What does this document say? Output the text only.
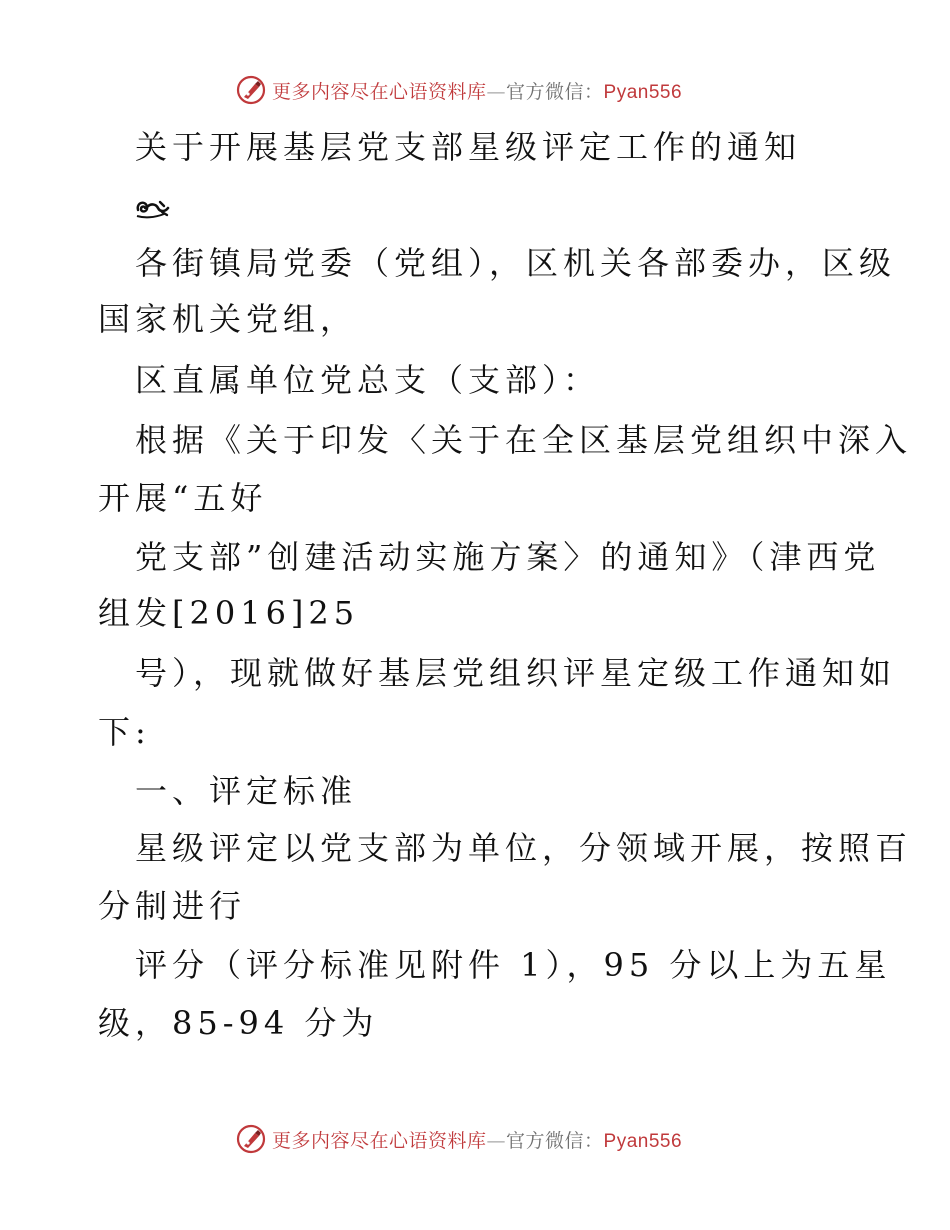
更多内容尽在心语资料库—官方微信：Pyan556
关于开展基层党支部星级评定工作的通知
各街镇局党委（党组），区机关各部委办，区级
国家机关党组，
区直属单位党总支（支部）：
根据《关于印发〈关于在全区基层党组织中深入
开展“五好
党支部”创建活动实施方案〉的通知》（津西党
组发[2016]25
号），现就做好基层党组织评星定级工作通知如
下:
一、评定标准
星级评定以党支部为单位，分领域开展，按照百
分制进行
评分（评分标准见附件 1），95 分以上为五星
级，85-94 分为
更多内容尽在心语资料库—官方微信：Pyan556
